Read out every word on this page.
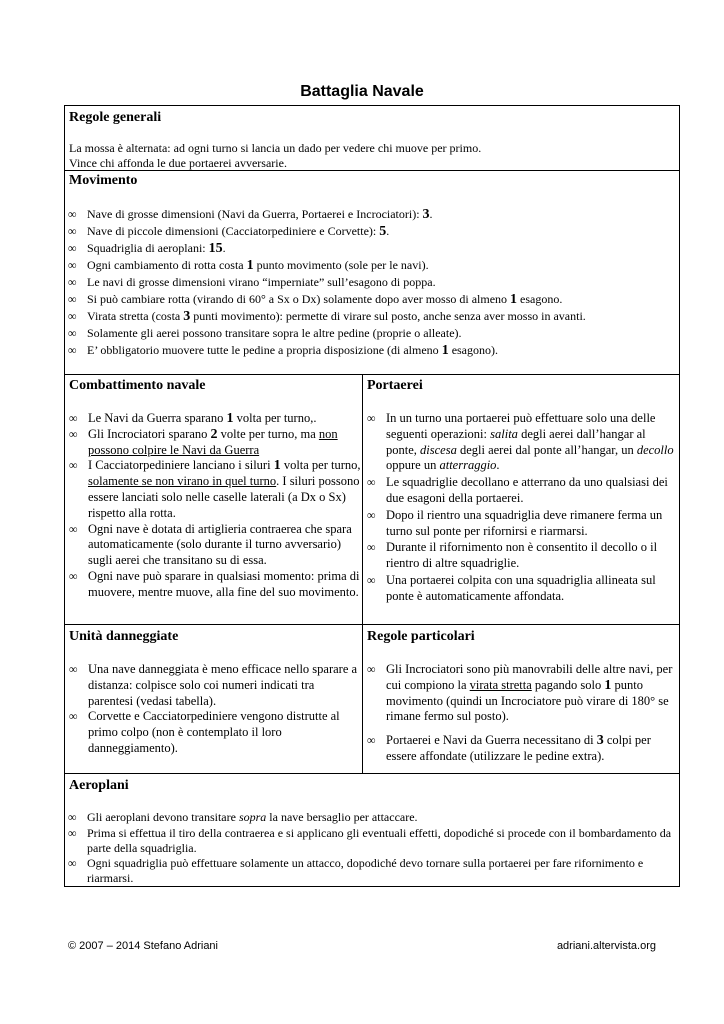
Battaglia Navale
Regole generali
La mossa è alternata: ad ogni turno si lancia un dado per vedere chi muove per primo.
Vince chi affonda le due portaerei avversarie.
Movimento
∞ Nave di grosse dimensioni (Navi da Guerra, Portaerei e Incrociatori): 3.
∞ Nave di piccole dimensioni (Cacciatorpediniere e Corvette): 5.
∞ Squadriglia di aeroplani: 15.
∞ Ogni cambiamento di rotta costa 1 punto movimento (sole per le navi).
∞ Le navi di grosse dimensioni virano “imperniate” sull’esagono di poppa.
∞ Si può cambiare rotta (virando di 60° a Sx o Dx) solamente dopo aver mosso di almeno 1 esagono.
∞ Virata stretta (costa 3 punti movimento): permette di virare sul posto, anche senza aver mosso in avanti.
∞ Solamente gli aerei possono transitare sopra le altre pedine (proprie o alleate).
∞ E’ obbligatorio muovere tutte le pedine a propria disposizione (di almeno 1 esagono).
Combattimento navale
∞ Le Navi da Guerra sparano 1 volta per turno,.
∞ Gli Incrociatori sparano 2 volte per turno, ma non possono colpire le Navi da Guerra
∞ I Cacciatorpediniere lanciano i siluri 1 volta per turno, solamente se non virano in quel turno. I siluri possono essere lanciati solo nelle caselle laterali (a Dx o Sx) rispetto alla rotta.
∞ Ogni nave è dotata di artiglieria contraerea che spara automaticamente (solo durante il turno avversario) sugli aerei che transitano su di essa.
∞ Ogni nave può sparare in qualsiasi momento: prima di muovere, mentre muove, alla fine del suo movimento.
Portaerei
∞ In un turno una portaerei può effettuare solo una delle seguenti operazioni: salita degli aerei dall’hangar al ponte, discesa degli aerei dal ponte all’hangar, un decollo oppure un atterraggio.
∞ Le squadriglie decollano e atterrano da uno qualsiasi dei due esagoni della portaerei.
∞ Dopo il rientro una squadriglia deve rimanere ferma un turno sul ponte per rifornirsi e riarmarsi.
∞ Durante il rifornimento non è consentito il decollo o il rientro di altre squadriglie.
∞ Una portaerei colpita con una squadriglia allineata sul ponte è automaticamente affondata.
Unità danneggiate
∞ Una nave danneggiata è meno efficace nello sparare a distanza: colpisce solo coi numeri indicati tra parentesi (vedasi tabella).
∞ Corvette e Cacciatorpediniere vengono distrutte al primo colpo (non è contemplato il loro danneggiamento).
Regole particolari
∞ Gli Incrociatori sono più manovrabili delle altre navi, per cui compiono la virata stretta pagando solo 1 punto movimento (quindi un Incrociatore può virare di 180° se rimane fermo sul posto).
∞ Portaerei e Navi da Guerra necessitano di 3 colpi per essere affondate (utilizzare le pedine extra).
Aeroplani
∞ Gli aeroplani devono transitare sopra la nave bersaglio per attaccare.
∞ Prima si effettua il tiro della contraerea e si applicano gli eventuali effetti, dopodiché si procede con il bombardamento da parte della squadriglia.
∞ Ogni squadriglia può effettuare solamente un attacco, dopodiché devo tornare sulla portaerei per fare rifornimento e riarmarsi.
© 2007 – 2014 Stefano Adriani	adriani.altervista.org
